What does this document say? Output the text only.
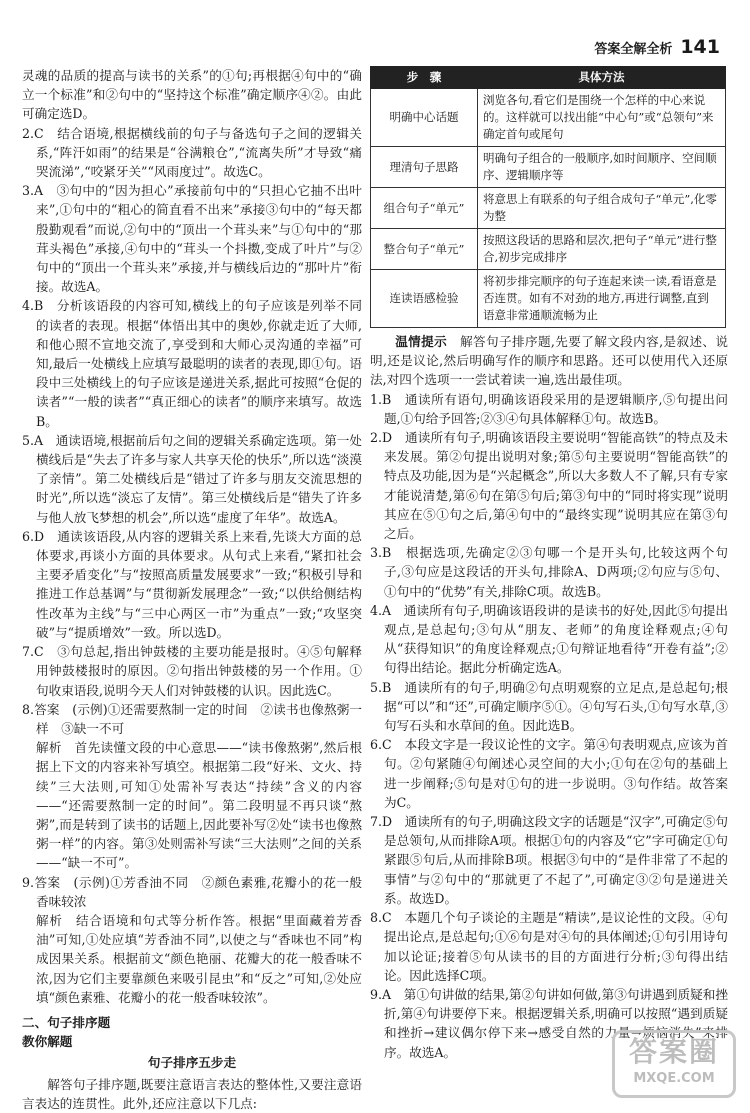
答案全解全析 141

灵魂的品质的提高与读书的关系”的①句;再根据④句中的“确立一个标准”和②句中的“坚持这个标准”确定顺序④②。由此可确定选D。

2.C　结合语境,根据横线前的句子与备选句子之间的逻辑关系,“阵汗如雨”的结果是“谷满粮仓”,“流离失所”才导致“痛哭流涕”,“咬紧牙关”“风雨度过”。故选C。

3.A　③句中的“因为担心”承接前句中的“只担心它抽不出叶来”,①句中的“粗心的简直看不出来”承接③句中的“每天都殷勤观看”而说,②句中的“顶出一个茸头来”与①句中的“那茸头褐色”承接,④句中的“茸头一个抖擞,变成了叶片”与②句中的“顶出一个茸头来”承接,并与横线后边的“那叶片”衔接。故选A。

4.B　分析该语段的内容可知,横线上的句子应该是列举不同的读者的表现。根据“体悟出其中的奥妙,你就走近了大师,和他心照不宣地交流了,享受到和大师心灵沟通的幸福”可知,最后一处横线上应填写最聪明的读者的表现,即①句。语段中三处横线上的句子应该是递进关系,据此可按照“仓促的读者”“一般的读者”“真正细心的读者”的顺序来填写。故选B。

5.A　通读语境,根据前后句之间的逻辑关系确定选项。第一处横线后是“失去了许多与家人共享天伦的快乐”,所以选“淡漠了亲情”。第二处横线后是“错过了许多与朋友交流思想的时光”,所以选“淡忘了友情”。第三处横线后是“错失了许多与他人放飞梦想的机会”,所以选“虚度了年华”。故选A。

6.D　通读该语段,从内容的逻辑关系上来看,先谈大方面的总体要求,再谈小方面的具体要求。从句式上来看,“紧扣社会主要矛盾变化”与“按照高质量发展要求”一致;“积极引导和推进工作总基调”与“贯彻新发展理念”一致;“以供给侧结构性改革为主线”与“三中心两区一市”为重点”一致;“攻坚突破”与“提质增效”一致。所以选D。

7.C　③句总起,指出钟鼓楼的主要功能是报时。④⑤句解释用钟鼓楼报时的原因。②句指出钟鼓楼的另一个作用。①句收束语段,说明今天人们对钟鼓楼的认识。因此选C。

8.答案　(示例)①还需要熬制一定的时间　②读书也像熬粥一样　③缺一不可

解析　首先读懂文段的中心意思——“读书像熬粥”,然后根据上下文的内容来补写填空。根据第二段“好米、文火、持续”三大法则,可知①处需补写表达“持续”含义的内容——“还需要熬制一定的时间”。第二段明显不再只谈“熬粥”,而是转到了读书的话题上,因此要补写②处“读书也像熬粥一样”的内容。第③处则需补写读“三大法则”之间的关系——“缺一不可”。

9.答案　(示例)①芳香油不同　②颜色素雅,花瓣小的花一般香味较浓

解析　结合语境和句式等分析作答。根据“里面藏着芳香油”可知,①处应填“芳香油不同”,以使之与“香味也不同”构成因果关系。根据前文“颜色艳丽、花瓣大的花一般香味不浓,因为它们主要靠颜色来吸引昆虫”和“反之”可知,②处应填“颜色素雅、花瓣小的花一般香味较浓”。

二、句子排序题

教你解题

句子排序五步走

解答句子排序题,既要注意语言表达的整体性,又要注意语言表达的连贯性。此外,还应注意以下几点:

步　骤	具体方法
明确中心话题	浏览各句,看它们是围绕一个怎样的中心来说的。这样就可以找出能“中心句”或“总领句”来确定首句或尾句
理清句子思路	明确句子组合的一般顺序,如时间顺序、空间顺序、逻辑顺序等
组合句子“单元”	将意思上有联系的句子组合成句子“单元”,化零为整
整合句子“单元”	按照这段话的思路和层次,把句子“单元”进行整合,初步完成排序
连读语感检验	将初步排完顺序的句子连起来读一读,看语意是否连贯。如有不对劲的地方,再进行调整,直到语意非常通顺流畅为止

温情提示　 解答句子排序题,先要了解文段内容,是叙述、说明,还是议论,然后明确写作的顺序和思路。还可以使用代入还原法,对四个选项一一尝试着读一遍,选出最佳项。

1.B　通读所有语句,明确该语段采用的是逻辑顺序,⑤句提出问题,①句给予回答;②③④句具体解释①句。故选B。

2.D　通读所有句子,明确该语段主要说明“智能高铁”的特点及未来发展。第②句提出说明对象;第⑤句主要说明“智能高铁”的特点及功能,因为是“兴起概念”,所以大多数人不了解,只有专家才能说清楚,第⑥句在第⑤句后;第③句中的“同时将实现”说明其应在⑤①句之后,第④句中的“最终实现”说明其应在第③句之后。

3.B　根据选项,先确定②③句哪一个是开头句,比较这两个句子,③句应是这段话的开头句,排除A、D两项;②句应与⑤句、①句中的“优势”有关,排除C项。故选B。

4.A　通读所有句子,明确该语段讲的是读书的好处,因此⑤句提出观点,是总起句;③句从“朋友、老师”的角度诠释观点;④句从“获得知识”的角度诠释观点;①句辩证地看待“开卷有益”;②句得出结论。据此分析确定选A。

5.B　通读所有的句子,明确②句点明观察的立足点,是总起句;根据“可以”和“还”,可确定顺序⑤①。④句写石头,①句写水草,③句写石头和水草间的鱼。因此选B。

6.C　本段文字是一段议论性的文字。第④句表明观点,应该为首句。②句紧随④句阐述心灵空间的大小;①句在②句的基础上进一步阐释;⑤句是对①句的进一步说明。③句作结。故答案为C。

7.D　通读所有的句子,明确这段文字的话题是“汉字”,可确定⑤句是总领句,从而排除A项。根据①句的内容及“它”字可确定①句紧跟⑤句后,从而排除B项。根据③句中的“是件非常了不起的事情”与②句中的“那就更了不起了”,可确定③②句是递进关系。故选D。

8.C　本题几个句子谈论的主题是“精读”,是议论性的文段。④句提出论点,是总起句;①⑥句是对④句的具体阐述;①句引用诗句加以论证;接着⑤句从读书的目的方面进行分析;③句得出结论。因此选择C项。

9.A　第①句讲做的结果,第②句讲如何做,第③句讲遇到质疑和挫折,第④句讲要停下来。根据逻辑关系,明确可以按照“遇到质疑和挫折→建议偶尔停下来→感受自然的力量→烦恼消失”来排序。故选A。	答案圈
MXQE.COM
